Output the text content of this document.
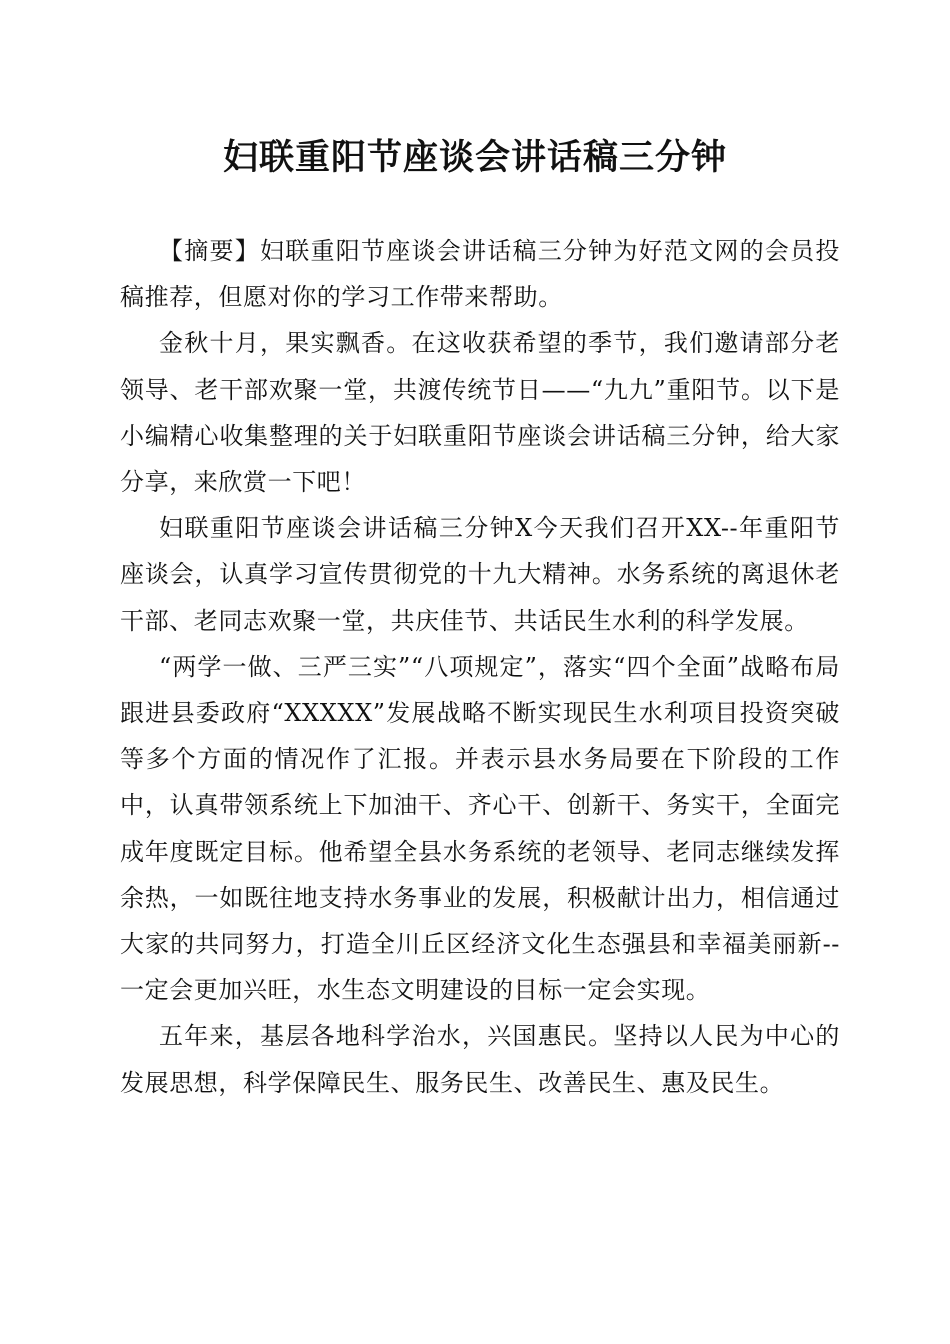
妇联重阳节座谈会讲话稿三分钟

【摘要】妇联重阳节座谈会讲话稿三分钟为好范文网的会员投稿推荐，但愿对你的学习工作带来帮助。

金秋十月，果实飘香。在这收获希望的季节，我们邀请部分老领导、老干部欢聚一堂，共渡传统节日——“九九”重阳节。以下是小编精心收集整理的关于妇联重阳节座谈会讲话稿三分钟，给大家分享，来欣赏一下吧！

妇联重阳节座谈会讲话稿三分钟X今天我们召开XX--年重阳节座谈会，认真学习宣传贯彻党的十九大精神。水务系统的离退休老干部、老同志欢聚一堂，共庆佳节、共话民生水利的科学发展。

“两学一做、三严三实”“八项规定”，落实“四个全面”战略布局跟进县委政府“XXXXX”发展战略不断实现民生水利项目投资突破等多个方面的情况作了汇报。并表示县水务局要在下阶段的工作中，认真带领系统上下加油干、齐心干、创新干、务实干，全面完成年度既定目标。他希望全县水务系统的老领导、老同志继续发挥余热，一如既往地支持水务事业的发展，积极献计出力，相信通过大家的共同努力，打造全川丘区经济文化生态强县和幸福美丽新--一定会更加兴旺，水生态文明建设的目标一定会实现。

五年来，基层各地科学治水，兴国惠民。坚持以人民为中心的发展思想，科学保障民生、服务民生、改善民生、惠及民生。
